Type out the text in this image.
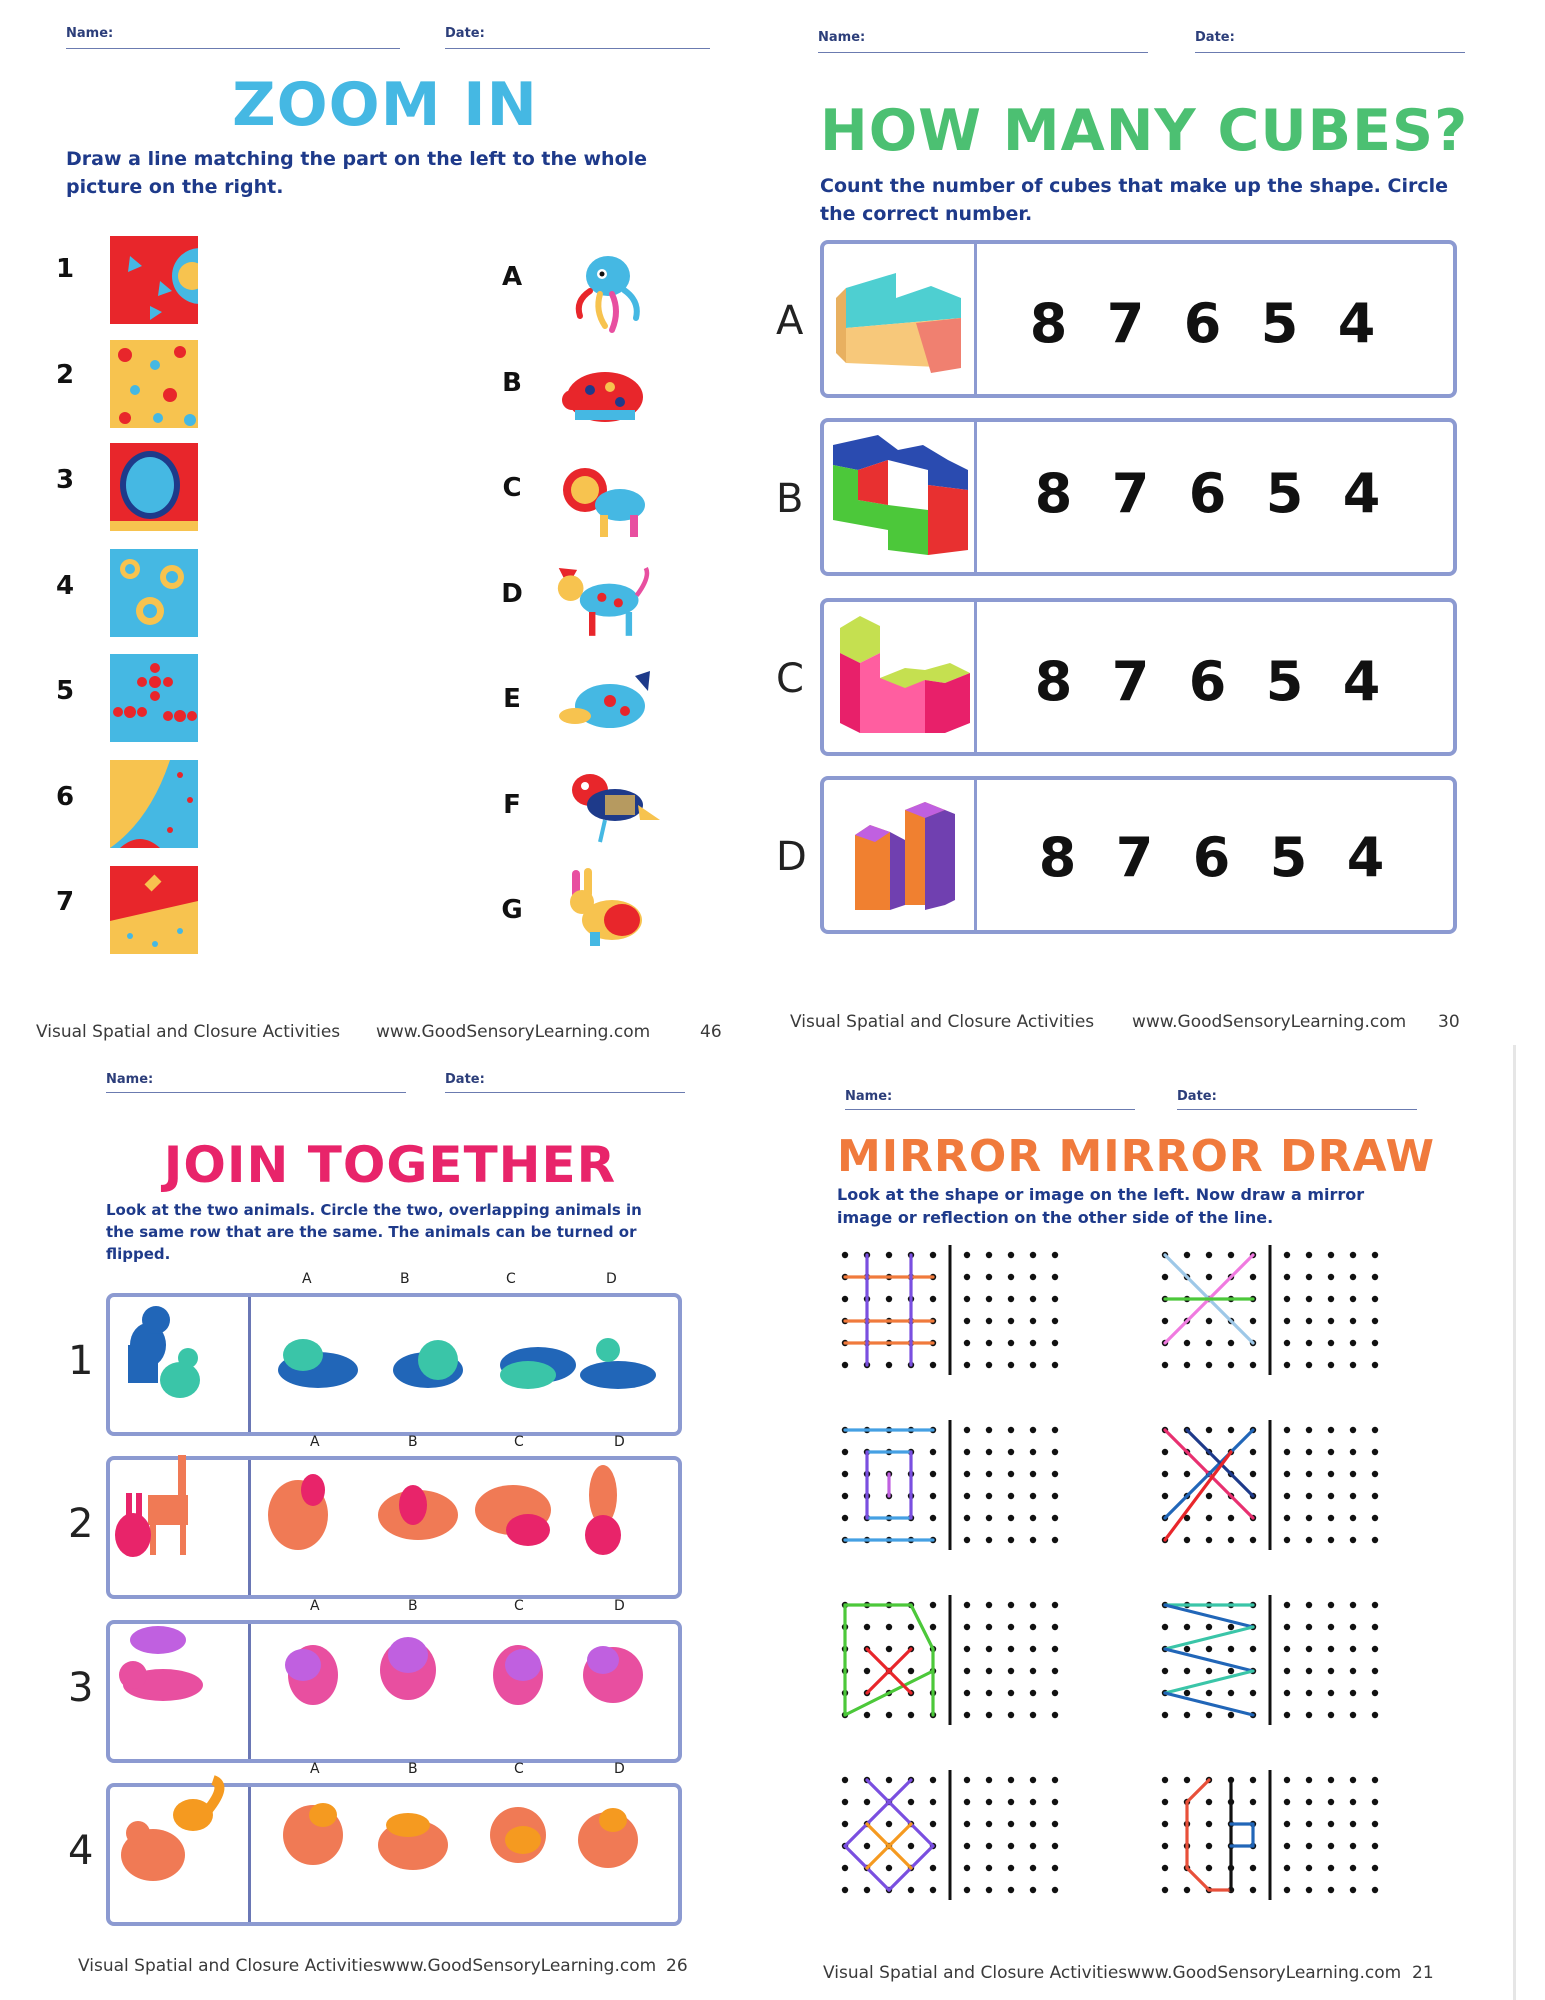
Name:	Date:
ZOOM IN
Draw a line matching the part on the left to the whole picture on the right.
1
2
3
4
5
6
7
A
B
C
D
E
F
G
Visual Spatial and Closure Activities www.GoodSensoryLearning.com	46
Name:	Date:
HOW MANY CUBES?
Count the number of cubes that make up the shape. Circle the correct number.
A	8 7 6 5 4
B	8 7 6 5 4
C	8 7 6 5 4
D	8 7 6 5 4
Visual Spatial and Closure Activities www.GoodSensoryLearning.com 30
Name:	Date:
JOIN TOGETHER
Look at the two animals. Circle the two, overlapping animals in the same row that are the same. The animals can be turned or flipped.
A	B	C	D
1
A	B	C	D
2
A	B	C	D
3
A	B	C	D
4
Visual Spatial and Closure Activities www.GoodSensoryLearning.com 26
Name:	Date:
MIRROR MIRROR DRAW
Look at the shape or image on the left. Now draw a mirror image or reflection on the other side of the line.
Visual Spatial and Closure Activities www.GoodSensoryLearning.com 21
